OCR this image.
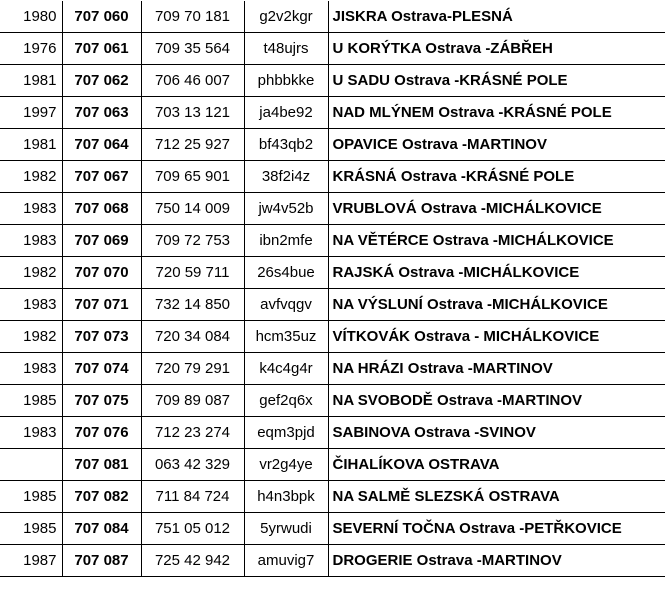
1980	707 060	709 70 181	g2v2kgr	JISKRA Ostrava-PLESNÁ
1976	707 061	709 35 564	t48ujrs	U KORÝTKA Ostrava -ZÁBŘEH
1981	707 062	706 46 007	phbbkke	U SADU Ostrava -KRÁSNÉ POLE
1997	707 063	703 13 121	ja4be92	NAD MLÝNEM Ostrava -KRÁSNÉ POLE
1981	707 064	712 25 927	bf43qb2	OPAVICE Ostrava -MARTINOV
1982	707 067	709 65 901	38f2i4z	KRÁSNÁ Ostrava -KRÁSNÉ POLE
1983	707 068	750 14 009	jw4v52b	VRUBLOVÁ Ostrava -MICHÁLKOVICE
1983	707 069	709 72 753	ibn2mfe	NA VĚTÉRCE Ostrava -MICHÁLKOVICE
1982	707 070	720 59 711	26s4bue	RAJSKÁ Ostrava -MICHÁLKOVICE
1983	707 071	732 14 850	avfvqgv	NA VÝSLUNÍ Ostrava -MICHÁLKOVICE
1982	707 073	720 34 084	hcm35uz	VÍTKOVÁK Ostrava - MICHÁLKOVICE
1983	707 074	720 79 291	k4c4g4r	NA HRÁZI Ostrava -MARTINOV
1985	707 075	709 89 087	gef2q6x	NA SVOBODĚ Ostrava -MARTINOV
1983	707 076	712 23 274	eqm3pjd	SABINOVA Ostrava -SVINOV
	707 081	063 42 329	vr2g4ye	ČIHALÍKOVA OSTRAVA
1985	707 082	711 84 724	h4n3bpk	NA SALMĚ SLEZSKÁ OSTRAVA
1985	707 084	751 05 012	5yrwudi	SEVERNÍ TOČNA Ostrava -PETŘKOVICE
1987	707 087	725 42 942	amuvig7	DROGERIE Ostrava -MARTINOV
